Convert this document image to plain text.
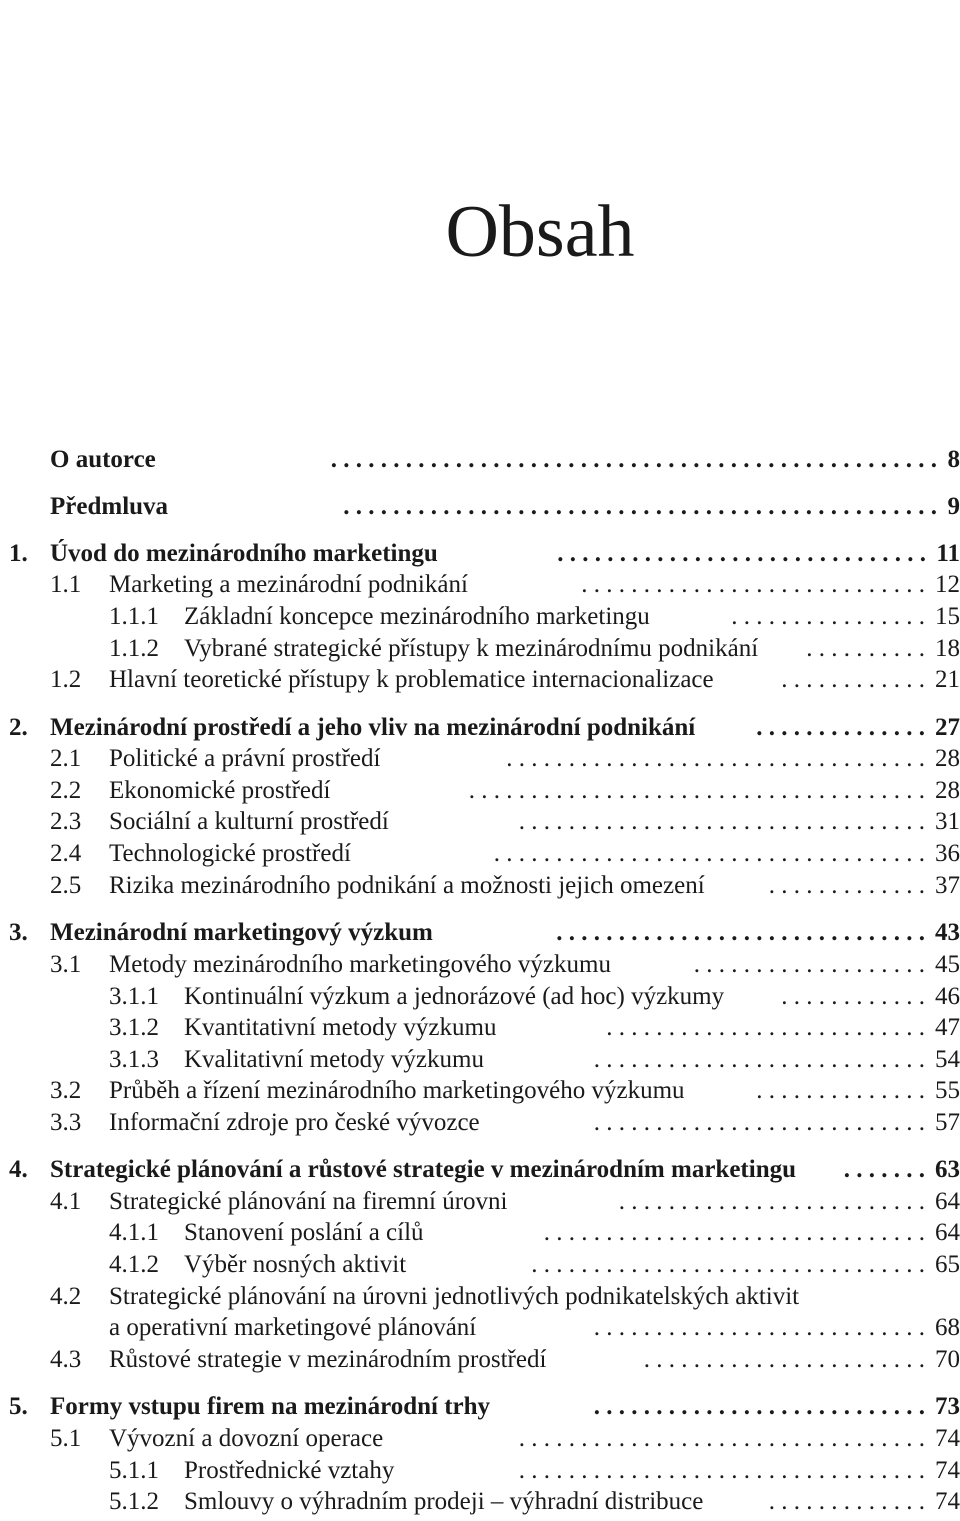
Obsah
O autorce	8
. . . . . . . . . . . . . . . . . . . . . . . . . . . . . . . . . . . . . . . . . . . . . . . . .
Předmluva	9
. . . . . . . . . . . . . . . . . . . . . . . . . . . . . . . . . . . . . . . . . . . . . . . .
1. Úvod do mezinárodního marketingu	11
. . . . . . . . . . . . . . . . . . . . . . . . . . . . . .
1.1 Marketing a mezinárodní podnikání	12
. . . . . . . . . . . . . . . . . . . . . . . . . . . .
1.1.1 Základní koncepce mezinárodního marketingu	15
. . . . . . . . . . . . . . . .
1.1.2 Vybrané strategické přístupy k mezinárodnímu podnikání	18
. . . . . . . . . .
1.2 Hlavní teoretické přístupy k problematice internacionalizace	21
. . . . . . . . . . . .
2. Mezinárodní prostředí a jeho vliv na mezinárodní podnikání	27
. . . . . . . . . . . . . .
2.1 Politické a právní prostředí	28
. . . . . . . . . . . . . . . . . . . . . . . . . . . . . . . . . .
2.2 Ekonomické prostředí	28
. . . . . . . . . . . . . . . . . . . . . . . . . . . . . . . . . . . . .
2.3 Sociální a kulturní prostředí	31
. . . . . . . . . . . . . . . . . . . . . . . . . . . . . . . . .
2.4 Technologické prostředí	36
. . . . . . . . . . . . . . . . . . . . . . . . . . . . . . . . . . .
2.5 Rizika mezinárodního podnikání a možnosti jejich omezení	37
. . . . . . . . . . . . .
3. Mezinárodní marketingový výzkum	43
. . . . . . . . . . . . . . . . . . . . . . . . . . . . . .
3.1 Metody mezinárodního marketingového výzkumu	45
. . . . . . . . . . . . . . . . . . .
3.1.1 Kontinuální výzkum a jednorázové (ad hoc) výzkumy	46
. . . . . . . . . . . .
3.1.2 Kvantitativní metody výzkumu	47
. . . . . . . . . . . . . . . . . . . . . . . . . .
3.1.3 Kvalitativní metody výzkumu	54
. . . . . . . . . . . . . . . . . . . . . . . . . . .
3.2 Průběh a řízení mezinárodního marketingového výzkumu	55
. . . . . . . . . . . . . .
3.3 Informační zdroje pro české vývozce	57
. . . . . . . . . . . . . . . . . . . . . . . . . . .
4. Strategické plánování a růstové strategie v mezinárodním marketingu	63
. . . . . . .
4.1 Strategické plánování na firemní úrovni	64
. . . . . . . . . . . . . . . . . . . . . . . . .
4.1.1 Stanovení poslání a cílů	64
. . . . . . . . . . . . . . . . . . . . . . . . . . . . . . .
4.1.2 Výběr nosných aktivit	65
. . . . . . . . . . . . . . . . . . . . . . . . . . . . . . . .
4.2 Strategické plánování na úrovni jednotlivých podnikatelských aktivit
a operativní marketingové plánování	68
. . . . . . . . . . . . . . . . . . . . . . . . . . .
4.3 Růstové strategie v mezinárodním prostředí	70
. . . . . . . . . . . . . . . . . . . . . . .
5. Formy vstupu firem na mezinárodní trhy	73
. . . . . . . . . . . . . . . . . . . . . . . . . . .
5.1 Vývozní a dovozní operace	74
. . . . . . . . . . . . . . . . . . . . . . . . . . . . . . . . .
5.1.1 Prostřednické vztahy	74
. . . . . . . . . . . . . . . . . . . . . . . . . . . . . . . . .
5.1.2 Smlouvy o výhradním prodeji – výhradní distribuce	74
. . . . . . . . . . . . .
